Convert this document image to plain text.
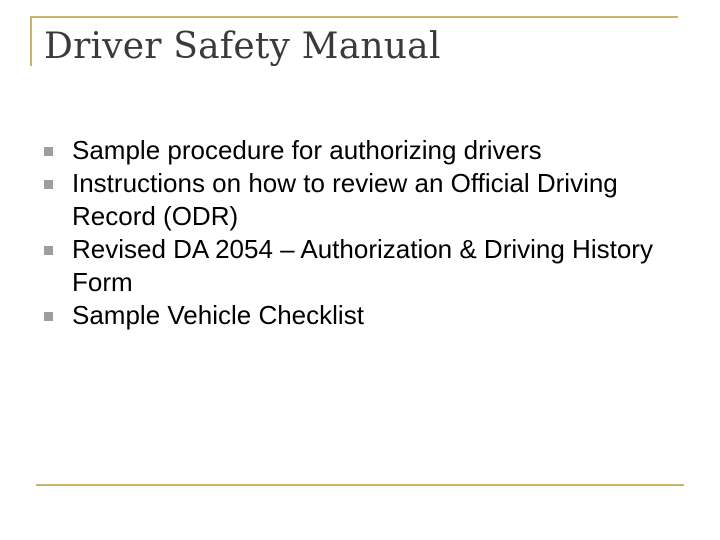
Driver Safety Manual
Sample procedure for authorizing drivers
Instructions on how to review an Official Driving Record (ODR)
Revised DA 2054 – Authorization & Driving History Form
Sample Vehicle Checklist
